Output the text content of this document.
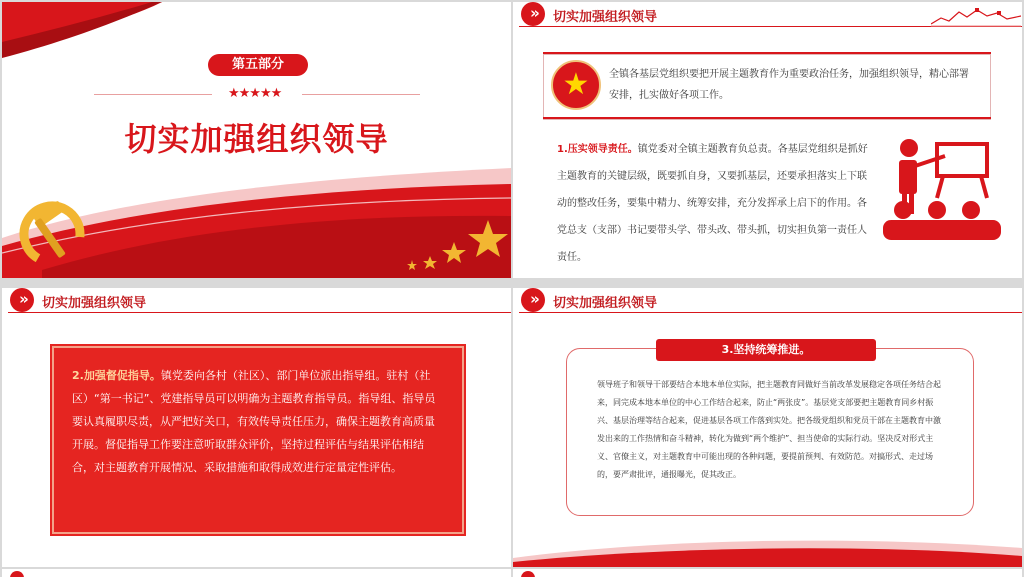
第五部分
★★★★★
切实加强组织领导
»	切实加强组织领导
★	全镇各基层党组织要把开展主题教育作为重要政治任务，加强组织领导，精心部署安排，扎实做好各项工作。
1.压实领导责任。镇党委对全镇主题教育负总责。各基层党组织是抓好主题教育的关键层级，既要抓自身，又要抓基层，还要承担落实上下联动的整改任务，要集中精力、统筹安排，充分发挥承上启下的作用。各党总支（支部）书记要带头学、带头改、带头抓，切实担负第一责任人责任。
»	切实加强组织领导
2.加强督促指导。镇党委向各村（社区）、部门单位派出指导组。驻村（社区）“第一书记”、党建指导员可以明确为主题教育指导员。指导组、指导员要认真履职尽责，从严把好关口，有效传导责任压力，确保主题教育高质量开展。督促指导工作要注意听取群众评价，坚持过程评估与结果评估相结合，对主题教育开展情况、采取措施和取得成效进行定量定性评估。
»	切实加强组织领导
3.坚持统筹推进。
领导班子和领导干部要结合本地本单位实际，把主题教育同做好当前改革发展稳定各项任务结合起来，同完成本地本单位的中心工作结合起来，防止“两张皮”。基层党支部要把主题教育同乡村振兴、基层治理等结合起来，促进基层各项工作落到实处。把各级党组织和党员干部在主题教育中激发出来的工作热情和奋斗精神，转化为做到“两个维护”、担当使命的实际行动。坚决反对形式主义、官僚主义，对主题教育中可能出现的各种问题，要提前预判、有效防范。对搞形式、走过场的，要严肃批评，通报曝光，促其改正。
